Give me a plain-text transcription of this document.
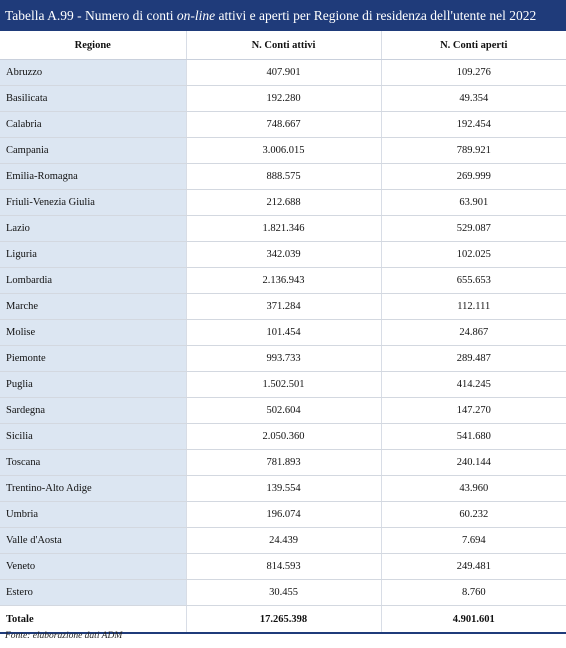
Tabella A.99 - Numero di conti on-line attivi e aperti per Regione di residenza dell'utente nel 2022
Regione	N. Conti attivi	N. Conti aperti
Abruzzo	407.901	109.276
Basilicata	192.280	49.354
Calabria	748.667	192.454
Campania	3.006.015	789.921
Emilia-Romagna	888.575	269.999
Friuli-Venezia Giulia	212.688	63.901
Lazio	1.821.346	529.087
Liguria	342.039	102.025
Lombardia	2.136.943	655.653
Marche	371.284	112.111
Molise	101.454	24.867
Piemonte	993.733	289.487
Puglia	1.502.501	414.245
Sardegna	502.604	147.270
Sicilia	2.050.360	541.680
Toscana	781.893	240.144
Trentino-Alto Adige	139.554	43.960
Umbria	196.074	60.232
Valle d'Aosta	24.439	7.694
Veneto	814.593	249.481
Estero	30.455	8.760
Totale	17.265.398	4.901.601
Fonte: elaborazione dati ADM
